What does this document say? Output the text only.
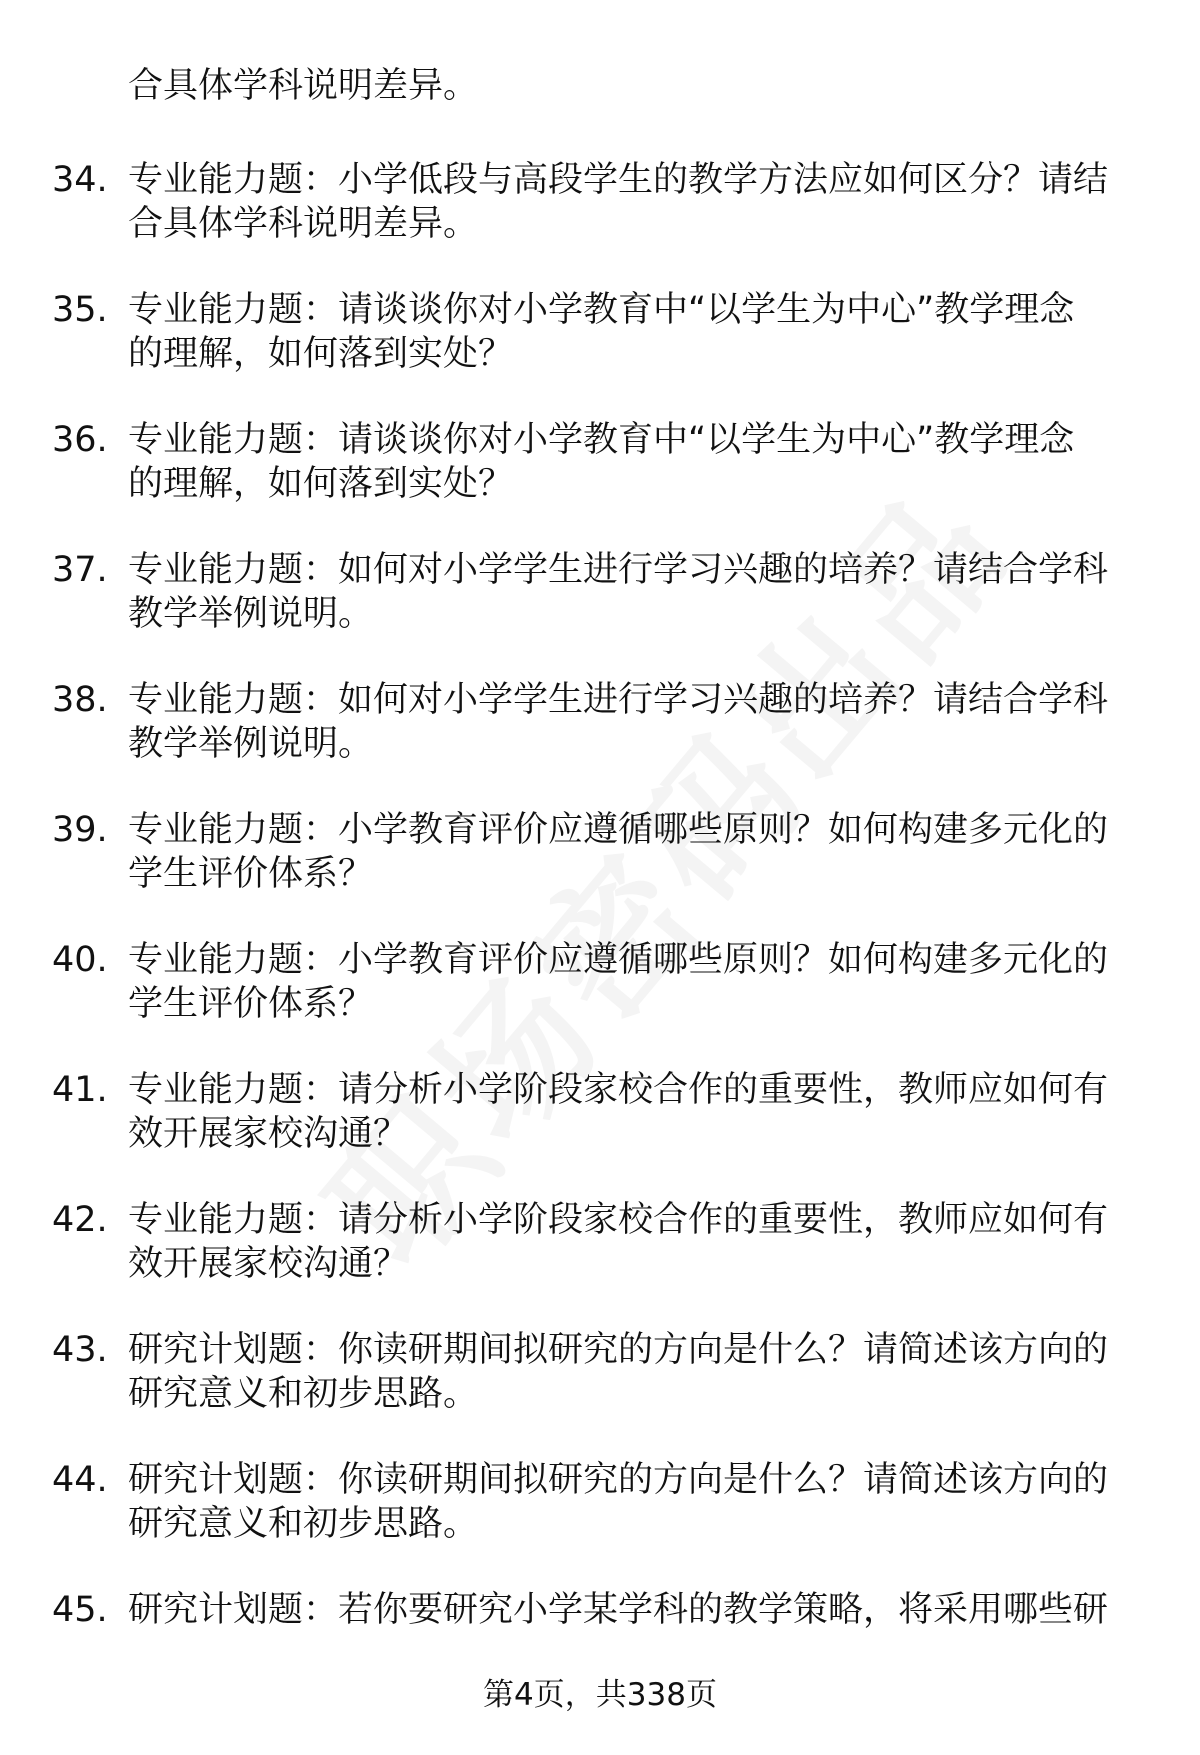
合具体学科说明差异。
34. 专业能力题：小学低段与高段学生的教学方法应如何区分？请结
合具体学科说明差异。
35. 专业能力题：请谈谈你对小学教育中“以学生为中心”教学理念
的理解，如何落到实处？
36. 专业能力题：请谈谈你对小学教育中“以学生为中心”教学理念
的理解，如何落到实处？
37. 专业能力题：如何对小学学生进行学习兴趣的培养？请结合学科
教学举例说明。
38. 专业能力题：如何对小学学生进行学习兴趣的培养？请结合学科
教学举例说明。
39. 专业能力题：小学教育评价应遵循哪些原则？如何构建多元化的
学生评价体系？
40. 专业能力题：小学教育评价应遵循哪些原则？如何构建多元化的
学生评价体系？
41. 专业能力题：请分析小学阶段家校合作的重要性，教师应如何有
效开展家校沟通？
42. 专业能力题：请分析小学阶段家校合作的重要性，教师应如何有
效开展家校沟通？
43. 研究计划题：你读研期间拟研究的方向是什么？请简述该方向的
研究意义和初步思路。
44. 研究计划题：你读研期间拟研究的方向是什么？请简述该方向的
研究意义和初步思路。
45. 研究计划题：若你要研究小学某学科的教学策略，将采用哪些研
第4页，共338页
